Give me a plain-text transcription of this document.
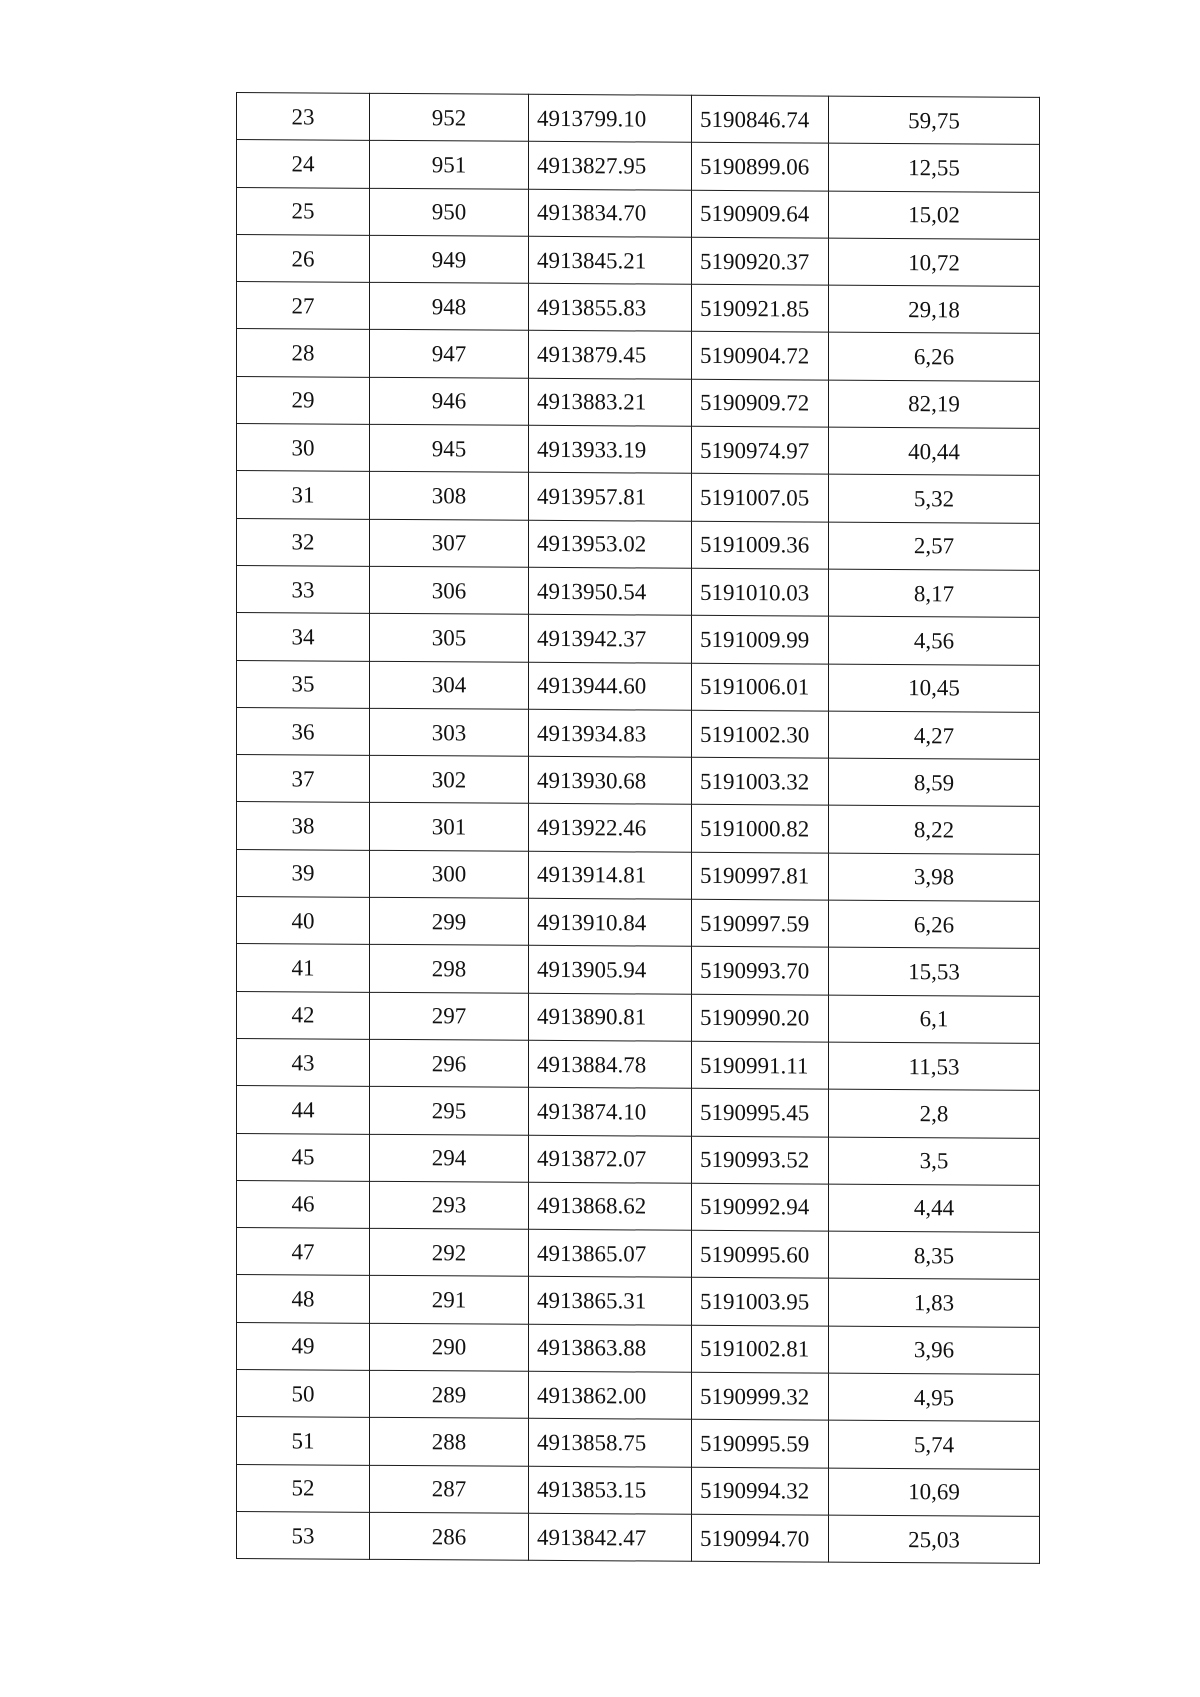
23	952	4913799.10	5190846.74	59,75
24	951	4913827.95	5190899.06	12,55
25	950	4913834.70	5190909.64	15,02
26	949	4913845.21	5190920.37	10,72
27	948	4913855.83	5190921.85	29,18
28	947	4913879.45	5190904.72	6,26
29	946	4913883.21	5190909.72	82,19
30	945	4913933.19	5190974.97	40,44
31	308	4913957.81	5191007.05	5,32
32	307	4913953.02	5191009.36	2,57
33	306	4913950.54	5191010.03	8,17
34	305	4913942.37	5191009.99	4,56
35	304	4913944.60	5191006.01	10,45
36	303	4913934.83	5191002.30	4,27
37	302	4913930.68	5191003.32	8,59
38	301	4913922.46	5191000.82	8,22
39	300	4913914.81	5190997.81	3,98
40	299	4913910.84	5190997.59	6,26
41	298	4913905.94	5190993.70	15,53
42	297	4913890.81	5190990.20	6,1
43	296	4913884.78	5190991.11	11,53
44	295	4913874.10	5190995.45	2,8
45	294	4913872.07	5190993.52	3,5
46	293	4913868.62	5190992.94	4,44
47	292	4913865.07	5190995.60	8,35
48	291	4913865.31	5191003.95	1,83
49	290	4913863.88	5191002.81	3,96
50	289	4913862.00	5190999.32	4,95
51	288	4913858.75	5190995.59	5,74
52	287	4913853.15	5190994.32	10,69
53	286	4913842.47	5190994.70	25,03
